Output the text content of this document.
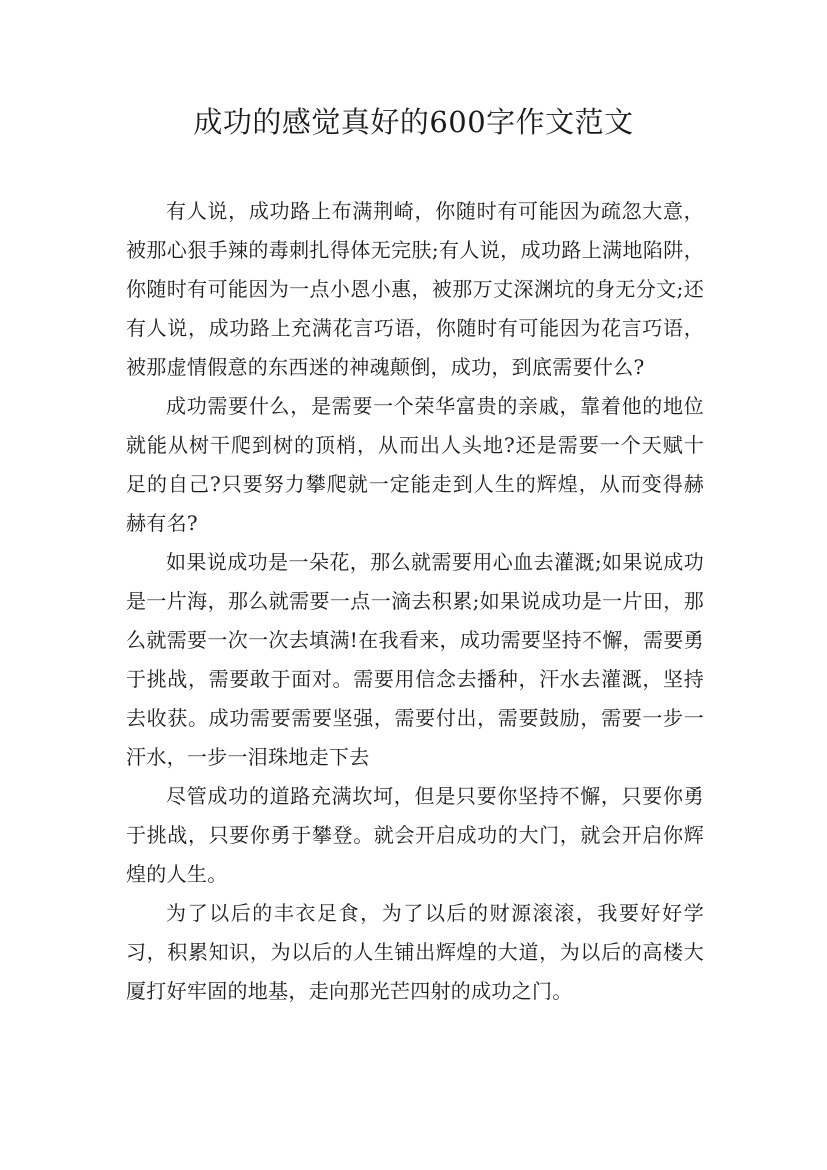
成功的感觉真好的600字作文范文

有人说，成功路上布满荆崎，你随时有可能因为疏忽大意，被那心狠手辣的毒刺扎得体无完肤;有人说，成功路上满地陷阱，你随时有可能因为一点小恩小惠，被那万丈深渊坑的身无分文;还有人说，成功路上充满花言巧语，你随时有可能因为花言巧语，被那虚情假意的东西迷的神魂颠倒，成功，到底需要什么?

成功需要什么，是需要一个荣华富贵的亲戚，靠着他的地位就能从树干爬到树的顶梢，从而出人头地?还是需要一个天赋十足的自己?只要努力攀爬就一定能走到人生的辉煌，从而变得赫赫有名?

如果说成功是一朵花，那么就需要用心血去灌溉;如果说成功是一片海，那么就需要一点一滴去积累;如果说成功是一片田，那么就需要一次一次去填满!在我看来，成功需要坚持不懈，需要勇于挑战，需要敢于面对。需要用信念去播种，汗水去灌溉，坚持去收获。成功需要需要坚强，需要付出，需要鼓励，需要一步一汗水，一步一泪珠地走下去

尽管成功的道路充满坎坷，但是只要你坚持不懈，只要你勇于挑战，只要你勇于攀登。就会开启成功的大门，就会开启你辉煌的人生。

为了以后的丰衣足食，为了以后的财源滚滚，我要好好学习，积累知识，为以后的人生铺出辉煌的大道，为以后的高楼大厦打好牢固的地基，走向那光芒四射的成功之门。
